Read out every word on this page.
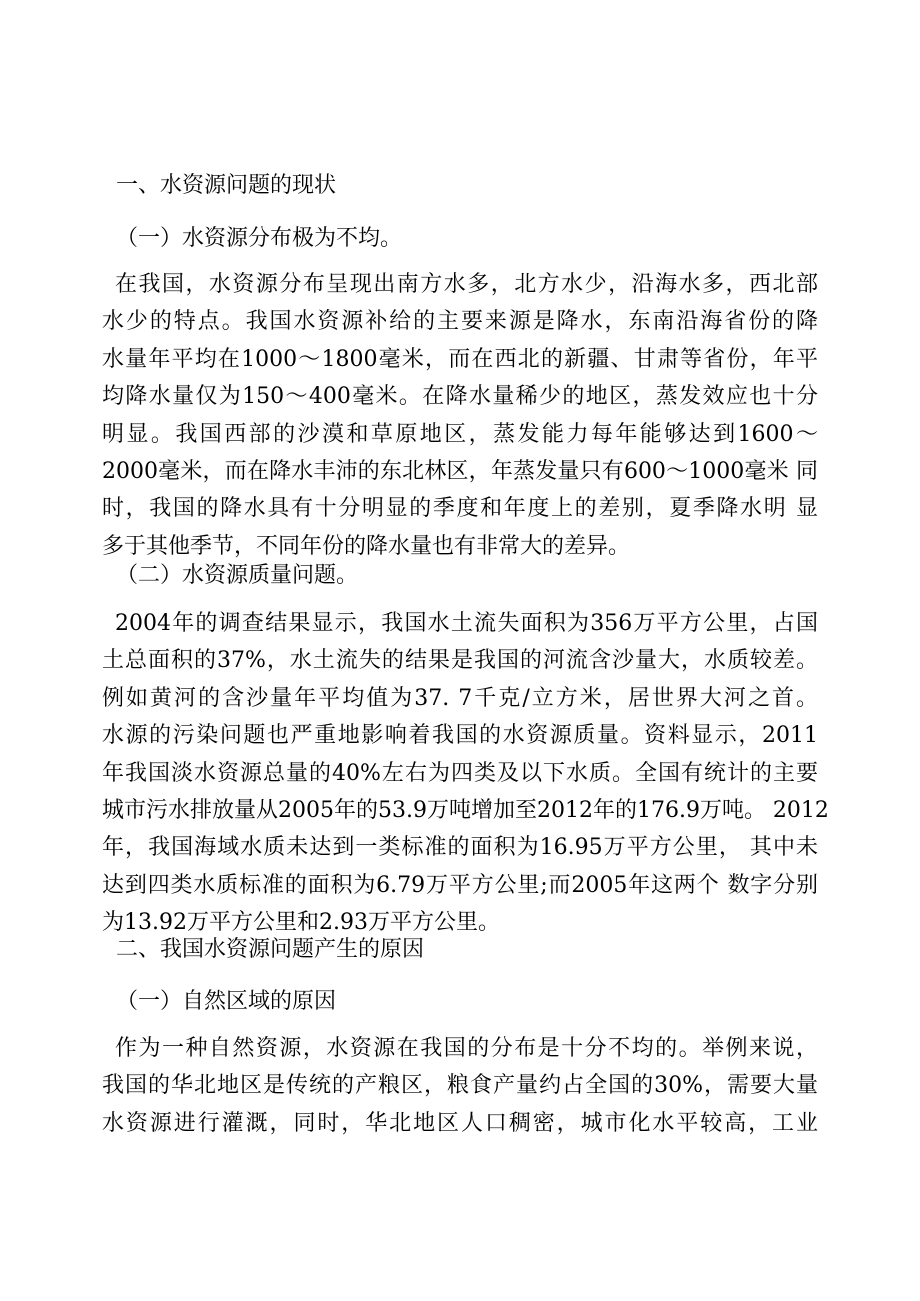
一、水资源问题的现状
（一）水资源分布极为不均。
在我国，水资源分布呈现出南方水多，北方水少，沿海水多，西北部
水少的特点。我国水资源补给的主要来源是降水，东南沿海省份的降
水量年平均在1000〜1800毫米，而在西北的新疆、甘肃等省份，年平
均降水量仅为150〜400毫米。在降水量稀少的地区，蒸发效应也十分
明显。我国西部的沙漠和草原地区，蒸发能力每年能够达到1600〜
2000毫米，而在降水丰沛的东北林区，年蒸发量只有600〜1000毫米 同
时，我国的降水具有十分明显的季度和年度上的差别，夏季降水明 显
多于其他季节，不同年份的降水量也有非常大的差异。
（二）水资源质量问题。
2004年的调查结果显示，我国水土流失面积为356万平方公里，占国
土总面积的37%，水土流失的结果是我国的河流含沙量大，水质较差。
例如黄河的含沙量年平均值为37. 7千克/立方米，居世界大河之首。
水源的污染问题也严重地影响着我国的水资源质量。资料显示，2011
年我国淡水资源总量的40%左右为四类及以下水质。全国有统计的主要
城市污水排放量从2005年的53.9万吨增加至2012年的176.9万吨。 2012
年，我国海域水质未达到一类标准的面积为16.95万平方公里， 其中未
达到四类水质标准的面积为6.79万平方公里;而2005年这两个 数字分别
为13.92万平方公里和2.93万平方公里。
二、我国水资源问题产生的原因
（一）自然区域的原因
作为一种自然资源，水资源在我国的分布是十分不均的。举例来说，
我国的华北地区是传统的产粮区，粮食产量约占全国的30%，需要大量
水资源进行灌溉，同时，华北地区人口稠密，城市化水平较高，工业
